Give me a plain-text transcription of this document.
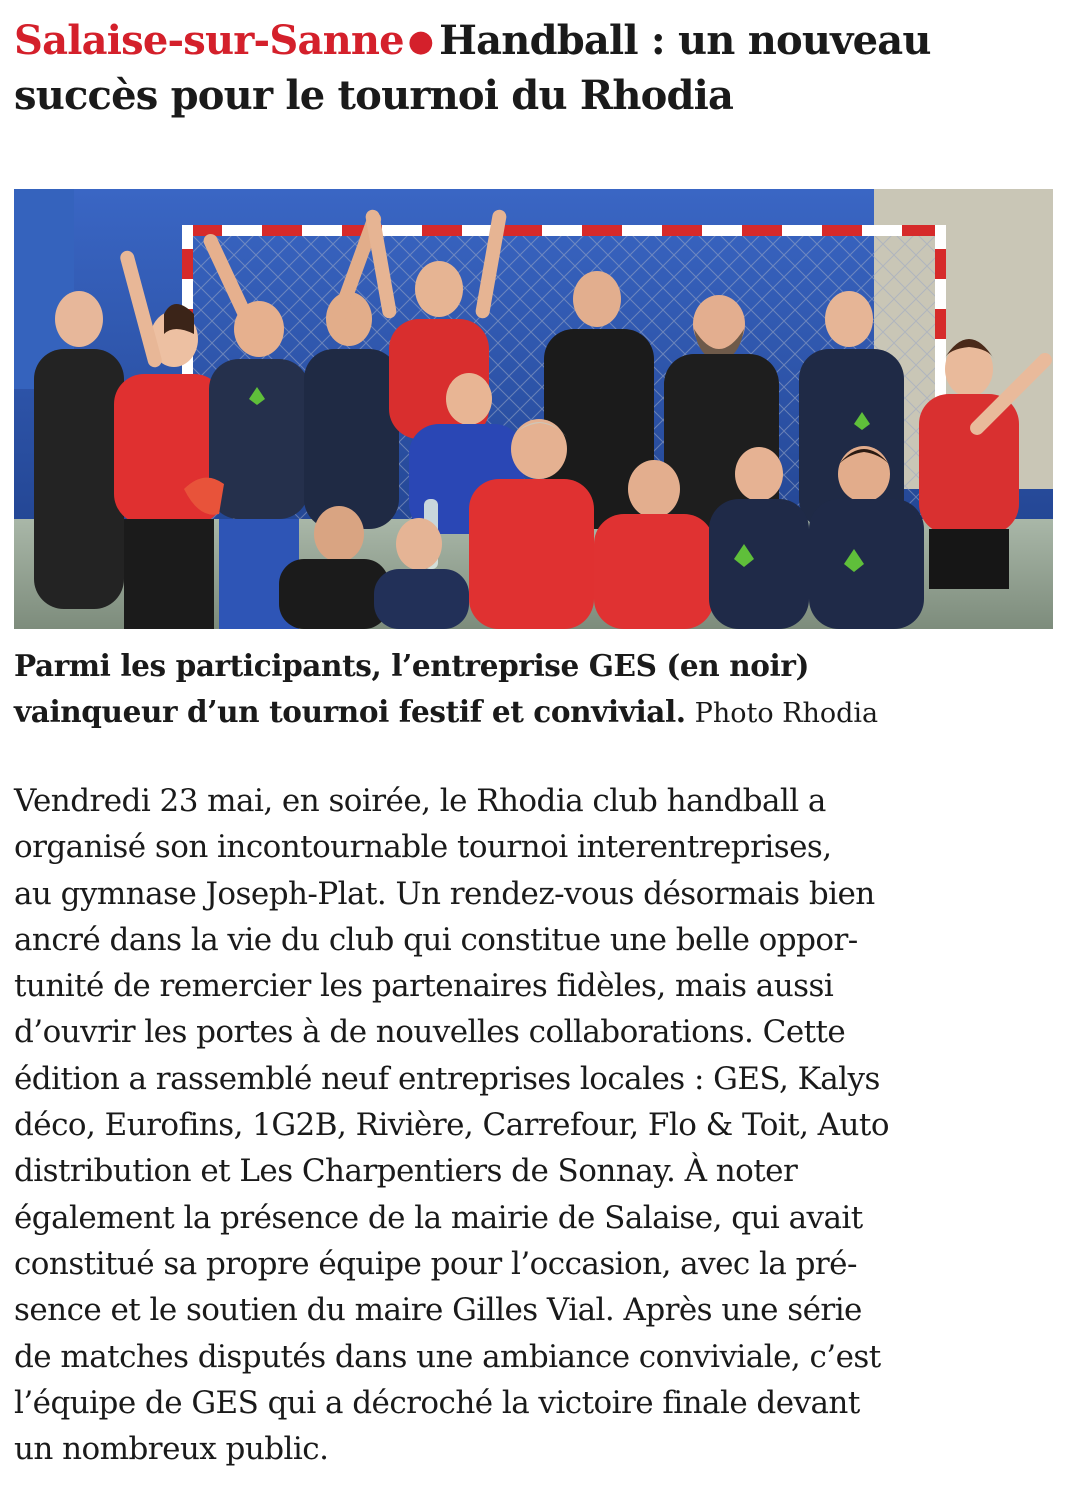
Salaise-sur-Sanne ● Handball : un nouveau
succès pour le tournoi du Rhodia
Parmi les participants, l’entreprise GES (en noir)
vainqueur d’un tournoi festif et convivial. Photo Rhodia
Vendredi 23 mai, en soirée, le Rhodia club handball a
organisé son incontournable tournoi interentreprises,
au gymnase Joseph-Plat. Un rendez-vous désormais bien
ancré dans la vie du club qui constitue une belle oppor-
tunité de remercier les partenaires fidèles, mais aussi
d’ouvrir les portes à de nouvelles collaborations. Cette
édition a rassemblé neuf entreprises locales : GES, Kalys
déco, Eurofins, 1G2B, Rivière, Carrefour, Flo & Toit, Auto
distribution et Les Charpentiers de Sonnay. À noter
également la présence de la mairie de Salaise, qui avait
constitué sa propre équipe pour l’occasion, avec la pré-
sence et le soutien du maire Gilles Vial. Après une série
de matches disputés dans une ambiance conviviale, c’est
l’équipe de GES qui a décroché la victoire finale devant
un nombreux public.
